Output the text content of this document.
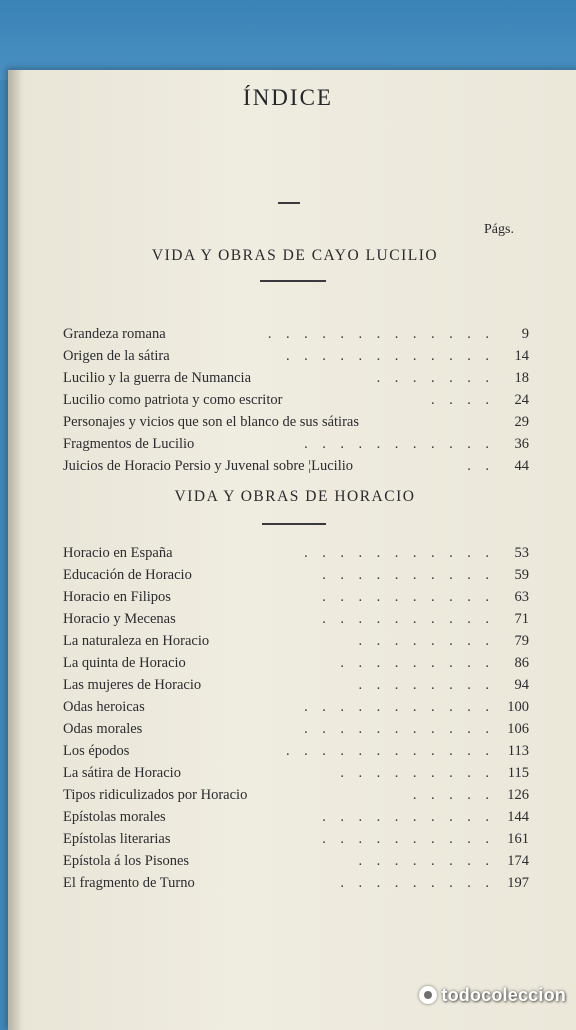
ÍNDICE
VIDA Y OBRAS DE CAYO LUCILIO
Págs.
Grandeza romana	.    .    .    .    .    .    .    .    .    .    .    .    .	9
Origen de la sátira	.    .    .    .    .    .    .    .    .    .    .    .	14
Lucilio y la guerra de Numancia	.    .    .    .    .    .    .	18
Lucilio como patriota y como escritor	.    .    .    .	24
Personajes y vicios que son el blanco de sus sátiras	29
Fragmentos de Lucilio	.    .    .    .    .    .    .    .    .    .    .	36
Juicios de Horacio Persio y Juvenal sobre ¦Lucilio	.    .	44
VIDA Y OBRAS DE HORACIO
Horacio en España	.    .    .    .    .    .    .    .    .    .    .	53
Educación de Horacio	.    .    .    .    .    .    .    .    .    .	59
Horacio en Filipos	.    .    .    .    .    .    .    .    .    .	63
Horacio y Mecenas	.    .    .    .    .    .    .    .    .    .	71
La naturaleza en Horacio	.    .    .    .    .    .    .    .	79
La quinta de Horacio	.    .    .    .    .    .    .    .    .	86
Las mujeres de Horacio	.    .    .    .    .    .    .    .	94
Odas heroicas	.    .    .    .    .    .    .    .    .    .    .	100
Odas morales	.    .    .    .    .    .    .    .    .    .    .	106
Los épodos	.    .    .    .    .    .    .    .    .    .    .    .	113
La sátira de Horacio	.    .    .    .    .    .    .    .    .	115
Tipos ridiculizados por Horacio	.    .    .    .    .	126
Epístolas morales	.    .    .    .    .    .    .    .    .    .	144
Epístolas literarias	.    .    .    .    .    .    .    .    .    .	161
Epístola á los Pisones	.    .    .    .    .    .    .    .	174
El fragmento de Turno	.    .    .    .    .    .    .    .    .	197
todocoleccion
